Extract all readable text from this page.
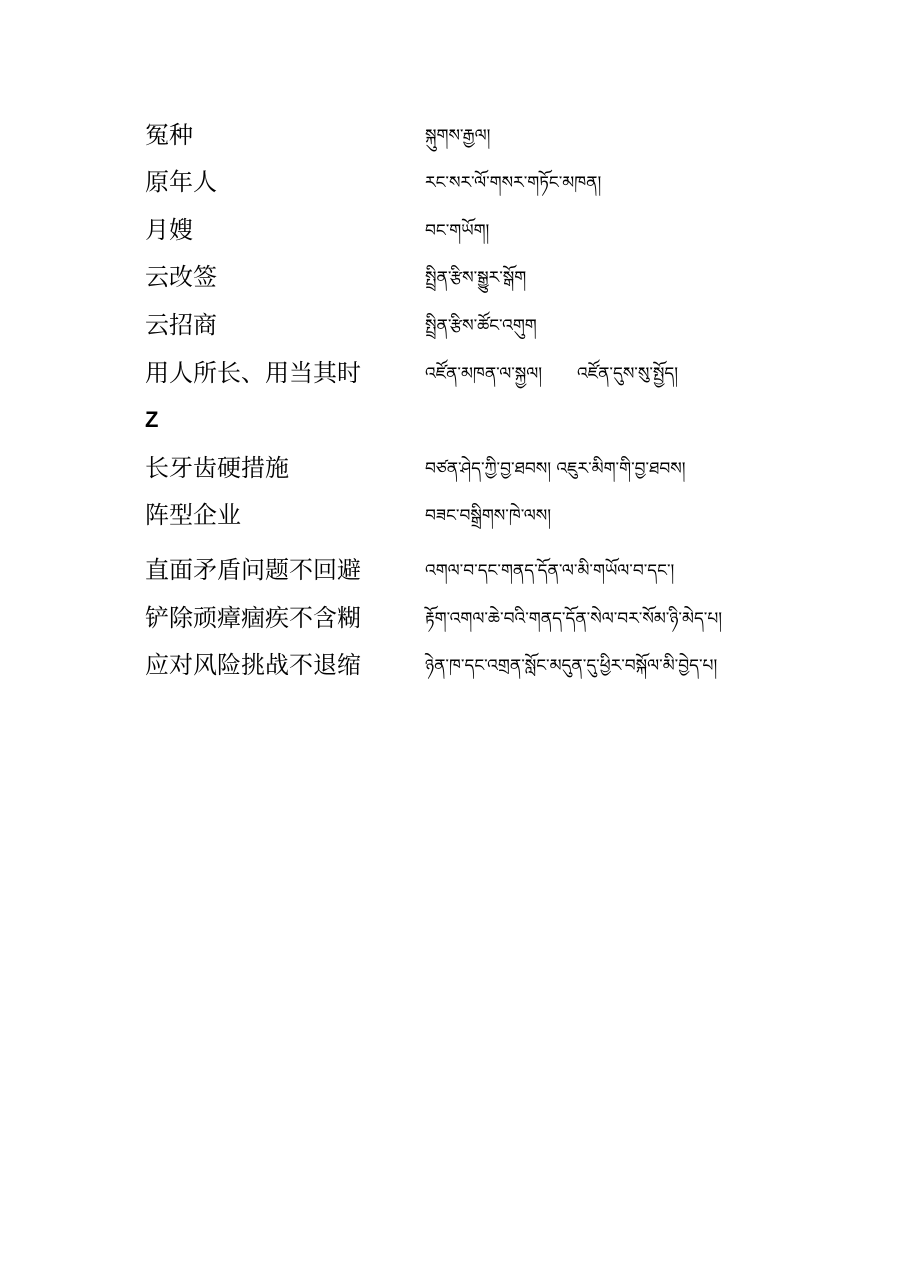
冤种	སྐུགས་རྒྱལ།
原年人	རང་སར་ལོ་གསར་གཏོང་མཁན།
月嫂	བང་གཡོག།
云改签	སྤྲིན་རྩིས་སྒྱུར་སྒོག
云招商	སྤྲིན་རྩིས་ཚོང་འགུག
用人所长、用当其时	འཛོན་མཁན་ལ་སྐྱལ། འཛོན་དུས་སུ་སྤྱོད།
Z
长牙齿硬措施	བཙན་ཤེད་ཀྱི་བྱ་ཐབས། འཇུར་མིག་གི་བྱ་ཐབས།
阵型企业	བཟང་བསྒྲིགས་ཁེ་ལས།
直面矛盾问题不回避	འགལ་བ་དང་གནད་དོན་ལ་མི་གཡོལ་བ་དང་།
铲除顽瘴痼疾不含糊	རྟོག་འགལ་ཆེ་བའི་གནད་དོན་སེལ་བར་སོམ་ཉི་མེད་པ།
应对风险挑战不退缩	ཉེན་ཁ་དང་འགྲན་སློང་མདུན་དུ་ཕྱིར་བསྐོལ་མི་བྱེད་པ།
